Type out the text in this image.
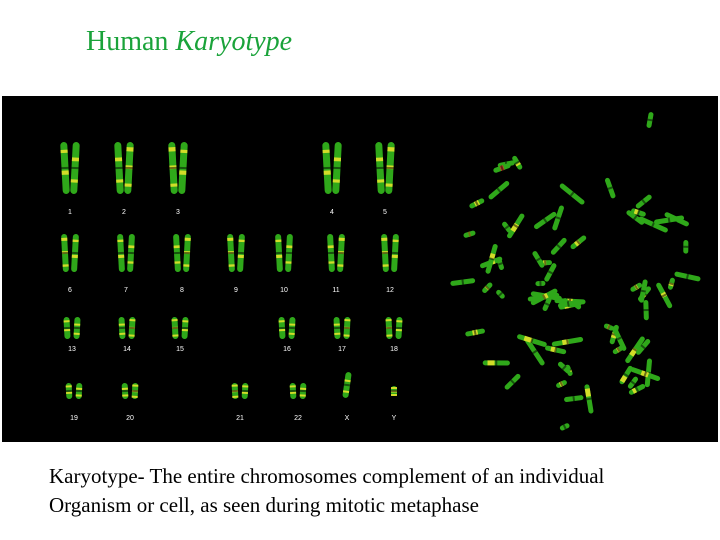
Human Karyotype
1	2	3	4	5
6	7	8	9	10	11	12
13	14	15	16	17	18
19	20	21	22	X	Y
Karyotype- The entire chromosomes complement of an individual
Organism or cell, as seen during mitotic metaphase
